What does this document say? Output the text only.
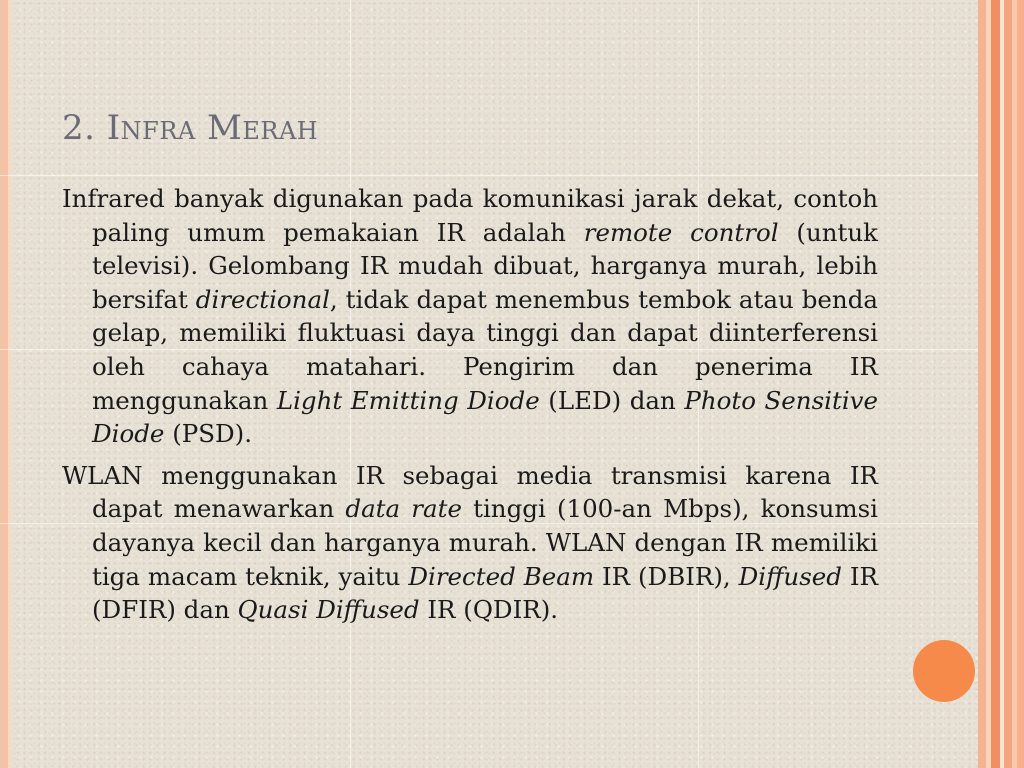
2. Infra Merah

Infrared banyak digunakan pada komunikasi jarak dekat, contoh paling umum pemakaian IR adalah remote control (untuk televisi). Gelombang IR mudah dibuat, harganya murah, lebih bersifat directional, tidak dapat menembus tembok atau benda gelap, memiliki fluktuasi daya tinggi dan dapat diinterferensi oleh cahaya matahari. Pengirim dan penerima IR menggunakan Light Emitting Diode (LED) dan Photo Sensitive Diode (PSD).

WLAN menggunakan IR sebagai media transmisi karena IR dapat menawarkan data rate tinggi (100-an Mbps), konsumsi dayanya kecil dan harganya murah. WLAN dengan IR memiliki tiga macam teknik, yaitu Directed Beam IR (DBIR), Diffused IR (DFIR) dan Quasi Diffused IR (QDIR).
